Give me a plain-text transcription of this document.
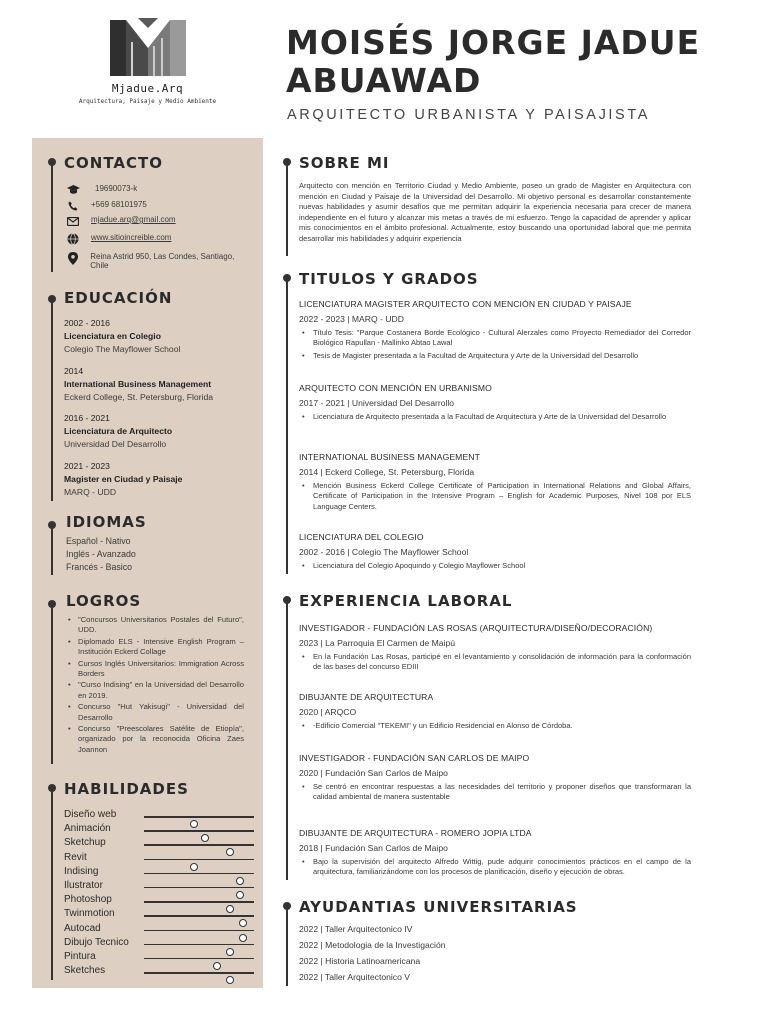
Mjadue.Arq
Arquitectura, Paisaje y Medio Ambiente
MOISÉS JORGE JADUE ABUAWAD
ARQUITECTO URBANISTA Y PAISAJISTA
CONTACTO
19690073-k
+569 68101975
mjadue.arq@gmail.com
www.sitioincreible.com
Reina Astrid 950, Las Condes, Santiago, Chile
EDUCACIÓN
2002 - 2016
Licenciatura en Colegio
Colegio The Mayflower School
2014
International Business Management
Eckerd College, St. Petersburg, Florida
2016 - 2021
Licenciatura de Arquitecto
Universidad Del Desarrollo
2021 - 2023
Magister en Ciudad y Paisaje
MARQ - UDD
IDIOMAS
Español - Nativo
Inglés - Avanzado
Francés - Basico
LOGROS
• "Concursos Universitarios Postales del Futuro", UDD.
• Diplomado ELS - Intensive English Program – Institución Eckerd Collage
• Cursos Inglés Universitarios: Immigration Across Borders
• "Curso Indising" en la Universidad del Desarrollo en 2019.
• Concurso "Hut Yakisugi" - Universidad del Desarrollo
• Concurso "Preescolares Satélite de Etiopía", organizado por la reconocida Oficina Zaes Joannon
HABILIDADES
Diseño web
Animación
Sketchup
Revit
Indising
Ilustrator
Photoshop
Twinmotion
Autocad
Dibujo Tecnico
Pintura
Sketches
SOBRE MI
Arquitecto con mención en Territorio Ciudad y Medio Ambiente, poseo un grado de Magister en Arquitectura con mención en Ciudad y Paisaje de la Universidad del Desarrollo. Mi objetivo personal es desarrollar constantemente nuevas habilidades y asumir desafíos que me permitan adquirir la experiencia necesaria para crecer de manera independiente en el futuro y alcanzar mis metas a través de mi esfuerzo. Tengo la capacidad de aprender y aplicar mis conocimientos en el ámbito profesional. Actualmente, estoy buscando una oportunidad laboral que me permita desarrollar mis habilidades y adquirir experiencia
TITULOS Y GRADOS
LICENCIATURA MAGISTER ARQUITECTO CON MENCIÓN EN CIUDAD Y PAISAJE
2022 - 2023 | MARQ - UDD
• Título Tesis: "Parque Costanera Borde Ecológico - Cultural Alerzales como Proyecto Remediador del Corredor Biológico Rapullan - Mallinko Abtao Lawal
• Tesis de Magister presentada a la Facultad de Arquitectura y Arte de la Universidad del Desarrollo
ARQUITECTO CON MENCIÓN EN URBANISMO
2017 - 2021 | Universidad Del Desarrollo
• Licenciatura de Arquitecto presentada a la Facultad de Arquitectura y Arte de la Universidad del Desarrollo
INTERNATIONAL BUSINESS MANAGEMENT
2014 | Eckerd College, St. Petersburg, Florida
• Mención Business Eckerd College Certificate of Participation in International Relations and Global Affairs, Certificate of Participation in the Intensive Program – English for Academic Purposes, Nivel 108 por ELS Language Centers.
LICENCIATURA DEL COLEGIO
2002 - 2016 | Colegio The Mayflower School
• Licenciatura del Colegio Apoquindo y Colegio Mayflower School
EXPERIENCIA LABORAL
INVESTIGADOR - FUNDACIÓN LAS ROSAS (ARQUITECTURA/DISEÑO/DECORACIÓN)
2023 | La Parroquia El Carmen de Maipú
• En la Fundación Las Rosas, participé en el levantamiento y consolidación de información para la conformación de las bases del concurso EDIII
DIBUJANTE DE ARQUITECTURA
2020 | ARQCO
• -Edificio Comercial "TEKEMI" y un Edificio Residencial en Alonso de Córdoba.
INVESTIGADOR - FUNDACIÓN SAN CARLOS DE MAIPO
2020 | Fundación San Carlos de Maipo
• Se centró en encontrar respuestas a las necesidades del territorio y proponer diseños que transformaran la calidad ambiental de manera sustentable
DIBUJANTE DE ARQUITECTURA - ROMERO JOPIA LTDA
2018 | Fundación San Carlos de Maipo
• Bajo la supervisión del arquitecto Alfredo Wittig, pude adquirir conocimientos prácticos en el campo de la arquitectura, familiarizándome con los procesos de planificación, diseño y ejecución de obras.
AYUDANTIAS UNIVERSITARIAS
2022 | Taller Arquitectonico IV
2022 | Metodologia de la Investigación
2022 | Historia Latinoamericana
2022 | Taller Arquitectonico V
